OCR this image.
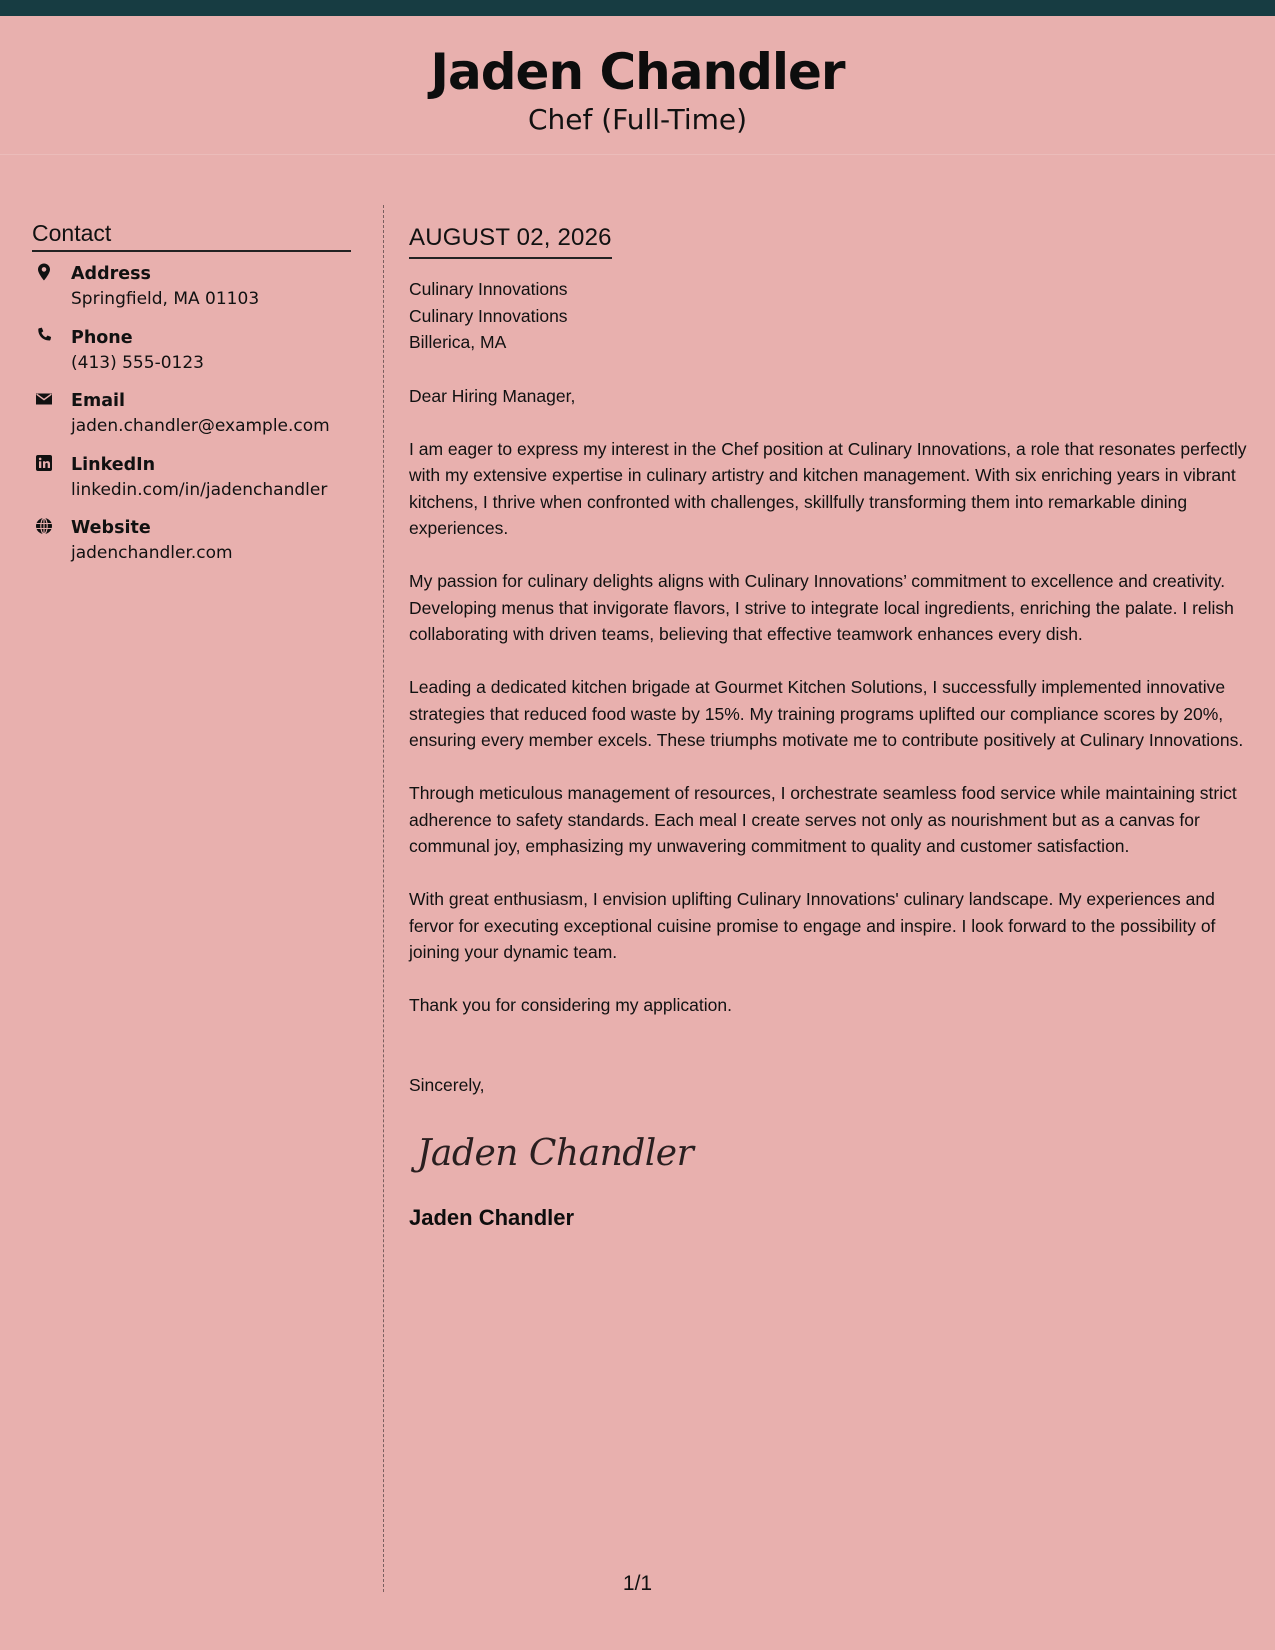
Jaden Chandler
Chef (Full-Time)
Contact
Address
Springfield, MA 01103
Phone
(413) 555-0123
Email
jaden.chandler@example.com
LinkedIn
linkedin.com/in/jadenchandler
Website
jadenchandler.com
AUGUST 02, 2026
Culinary Innovations
Culinary Innovations
Billerica, MA
Dear Hiring Manager,
I am eager to express my interest in the Chef position at Culinary Innovations, a role that resonates perfectly with my extensive expertise in culinary artistry and kitchen management. With six enriching years in vibrant kitchens, I thrive when confronted with challenges, skillfully transforming them into remarkable dining experiences.
My passion for culinary delights aligns with Culinary Innovations’ commitment to excellence and creativity. Developing menus that invigorate flavors, I strive to integrate local ingredients, enriching the palate. I relish collaborating with driven teams, believing that effective teamwork enhances every dish.
Leading a dedicated kitchen brigade at Gourmet Kitchen Solutions, I successfully implemented innovative strategies that reduced food waste by 15%. My training programs uplifted our compliance scores by 20%, ensuring every member excels. These triumphs motivate me to contribute positively at Culinary Innovations.
Through meticulous management of resources, I orchestrate seamless food service while maintaining strict adherence to safety standards. Each meal I create serves not only as nourishment but as a canvas for communal joy, emphasizing my unwavering commitment to quality and customer satisfaction.
With great enthusiasm, I envision uplifting Culinary Innovations' culinary landscape. My experiences and fervor for executing exceptional cuisine promise to engage and inspire. I look forward to the possibility of joining your dynamic team.
Thank you for considering my application.
Sincerely,
Jaden Chandler
Jaden Chandler
1/1
